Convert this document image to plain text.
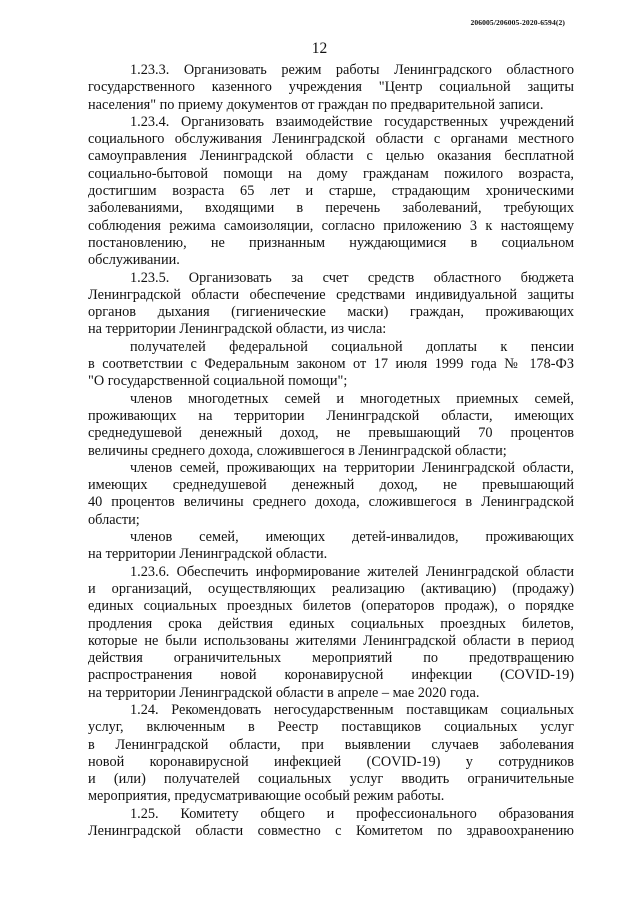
206005/206005-2020-6594(2)
12
1.23.3. Организовать режим работы Ленинградского областного
государственного казенного учреждения "Центр социальной защиты
населения" по приему документов от граждан по предварительной записи.
1.23.4. Организовать взаимодействие государственных учреждений
социального обслуживания Ленинградской области с органами местного
самоуправления Ленинградской области с целью оказания бесплатной
социально-бытовой помощи на дому гражданам пожилого возраста,
достигшим возраста 65 лет и старше, страдающим хроническими
заболеваниями, входящими в перечень заболеваний, требующих
соблюдения режима самоизоляции, согласно приложению 3 к настоящему
постановлению, не признанным нуждающимися в социальном
обслуживании.
1.23.5. Организовать за счет средств областного бюджета
Ленинградской области обеспечение средствами индивидуальной защиты
органов дыхания (гигиенические маски) граждан, проживающих
на территории Ленинградской области, из числа:
получателей федеральной социальной доплаты к пенсии
в соответствии с Федеральным законом от 17 июля 1999 года № 178-ФЗ
"О государственной социальной помощи";
членов многодетных семей и многодетных приемных семей,
проживающих на территории Ленинградской области, имеющих
среднедушевой денежный доход, не превышающий 70 процентов
величины среднего дохода, сложившегося в Ленинградской области;
членов семей, проживающих на территории Ленинградской области,
имеющих среднедушевой денежный доход, не превышающий
40 процентов величины среднего дохода, сложившегося в Ленинградской
области;
членов семей, имеющих детей-инвалидов, проживающих
на территории Ленинградской области.
1.23.6. Обеспечить информирование жителей Ленинградской области
и организаций, осуществляющих реализацию (активацию) (продажу)
единых социальных проездных билетов (операторов продаж), о порядке
продления срока действия единых социальных проездных билетов,
которые не были использованы жителями Ленинградской области в период
действия ограничительных мероприятий по предотвращению
распространения новой коронавирусной инфекции (COVID-19)
на территории Ленинградской области в апреле – мае 2020 года.
1.24. Рекомендовать негосударственным поставщикам социальных
услуг, включенным в Реестр поставщиков социальных услуг
в Ленинградской области, при выявлении случаев заболевания
новой коронавирусной инфекцией (COVID-19) у сотрудников
и (или) получателей социальных услуг вводить ограничительные
мероприятия, предусматривающие особый режим работы.
1.25. Комитету общего и профессионального образования
Ленинградской области совместно с Комитетом по здравоохранению
